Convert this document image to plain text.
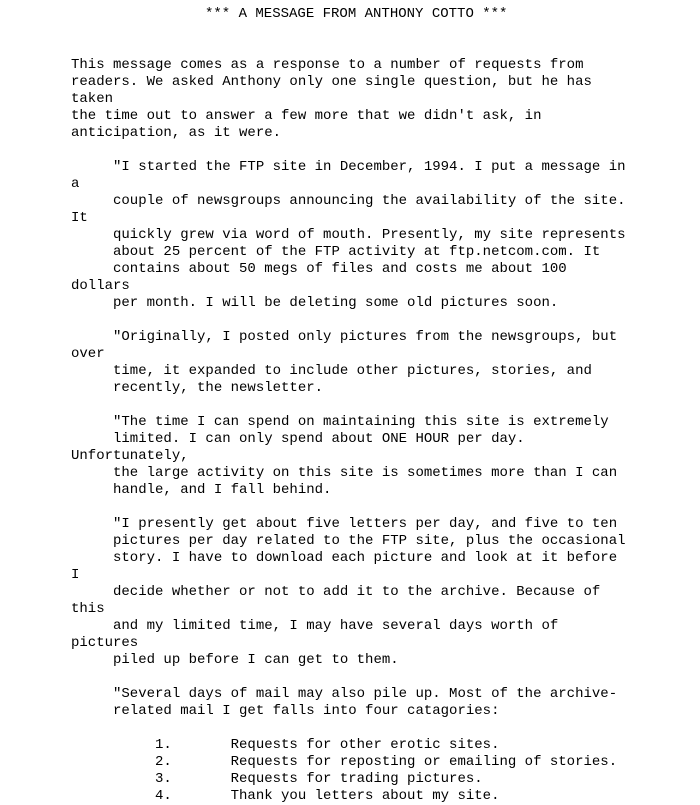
*** A MESSAGE FROM ANTHONY COTTO ***
This message comes as a response to a number of requests from
readers. We asked Anthony only one single question, but he has
taken
the time out to answer a few more that we didn't ask, in
anticipation, as it were.
"I started the FTP site in December, 1994. I put a message in
a
couple of newsgroups announcing the availability of the site.
It
quickly grew via word of mouth. Presently, my site represents
about 25 percent of the FTP activity at ftp.netcom.com. It
contains about 50 megs of files and costs me about 100
dollars
per month. I will be deleting some old pictures soon.
"Originally, I posted only pictures from the newsgroups, but
over
time, it expanded to include other pictures, stories, and
recently, the newsletter.
"The time I can spend on maintaining this site is extremely
limited. I can only spend about ONE HOUR per day.
Unfortunately,
the large activity on this site is sometimes more than I can
handle, and I fall behind.
"I presently get about five letters per day, and five to ten
pictures per day related to the FTP site, plus the occasional
story. I have to download each picture and look at it before
I
decide whether or not to add it to the archive. Because of
this
and my limited time, I may have several days worth of
pictures
piled up before I can get to them.
"Several days of mail may also pile up. Most of the archive-
related mail I get falls into four catagories:
1.       Requests for other erotic sites.
2.       Requests for reposting or emailing of stories.
3.       Requests for trading pictures.
4.       Thank you letters about my site.
